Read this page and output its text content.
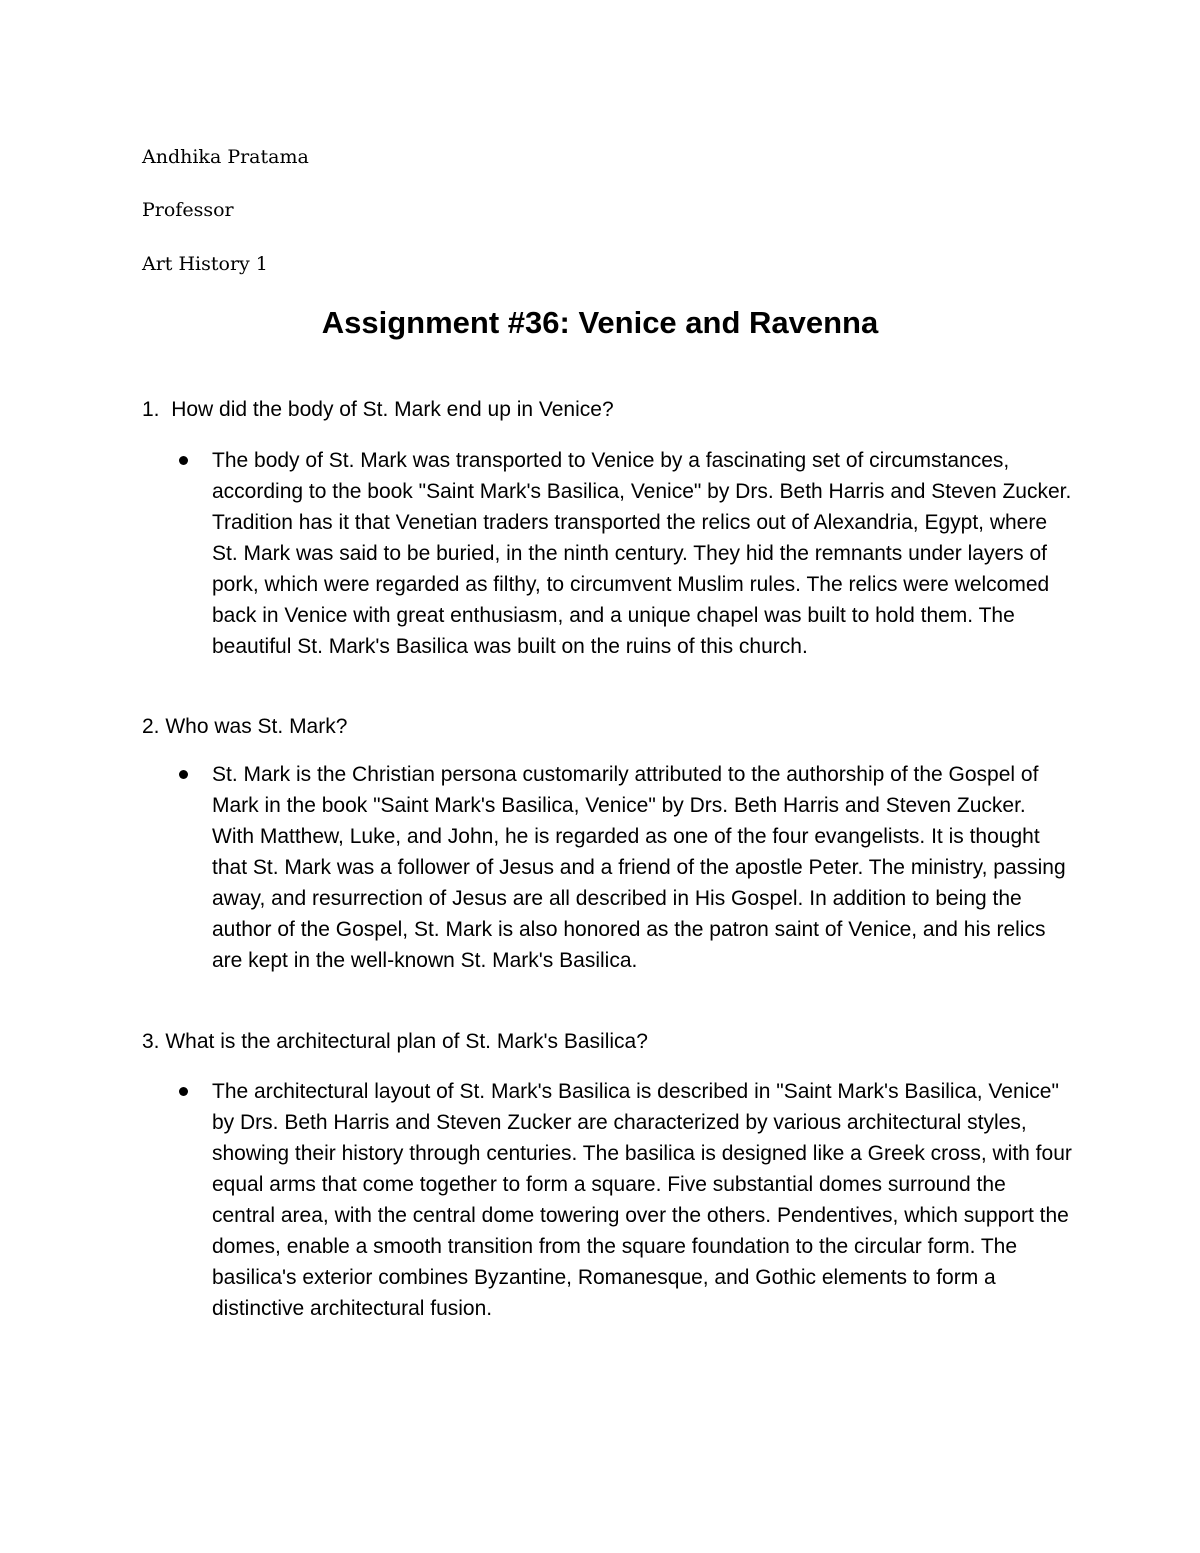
Andhika Pratama
Professor
Art History 1
Assignment #36: Venice and Ravenna
1. How did the body of St. Mark end up in Venice?
The body of St. Mark was transported to Venice by a fascinating set of circumstances, according to the book "Saint Mark's Basilica, Venice" by Drs. Beth Harris and Steven Zucker. Tradition has it that Venetian traders transported the relics out of Alexandria, Egypt, where St. Mark was said to be buried, in the ninth century. They hid the remnants under layers of pork, which were regarded as filthy, to circumvent Muslim rules. The relics were welcomed back in Venice with great enthusiasm, and a unique chapel was built to hold them. The beautiful St. Mark's Basilica was built on the ruins of this church.
2. Who was St. Mark?
St. Mark is the Christian persona customarily attributed to the authorship of the Gospel of Mark in the book "Saint Mark's Basilica, Venice" by Drs. Beth Harris and Steven Zucker. With Matthew, Luke, and John, he is regarded as one of the four evangelists. It is thought that St. Mark was a follower of Jesus and a friend of the apostle Peter. The ministry, passing away, and resurrection of Jesus are all described in His Gospel. In addition to being the author of the Gospel, St. Mark is also honored as the patron saint of Venice, and his relics are kept in the well-known St. Mark's Basilica.
3. What is the architectural plan of St. Mark's Basilica?
The architectural layout of St. Mark's Basilica is described in "Saint Mark's Basilica, Venice" by Drs. Beth Harris and Steven Zucker are characterized by various architectural styles, showing their history through centuries. The basilica is designed like a Greek cross, with four equal arms that come together to form a square. Five substantial domes surround the central area, with the central dome towering over the others. Pendentives, which support the domes, enable a smooth transition from the square foundation to the circular form. The basilica's exterior combines Byzantine, Romanesque, and Gothic elements to form a distinctive architectural fusion.
